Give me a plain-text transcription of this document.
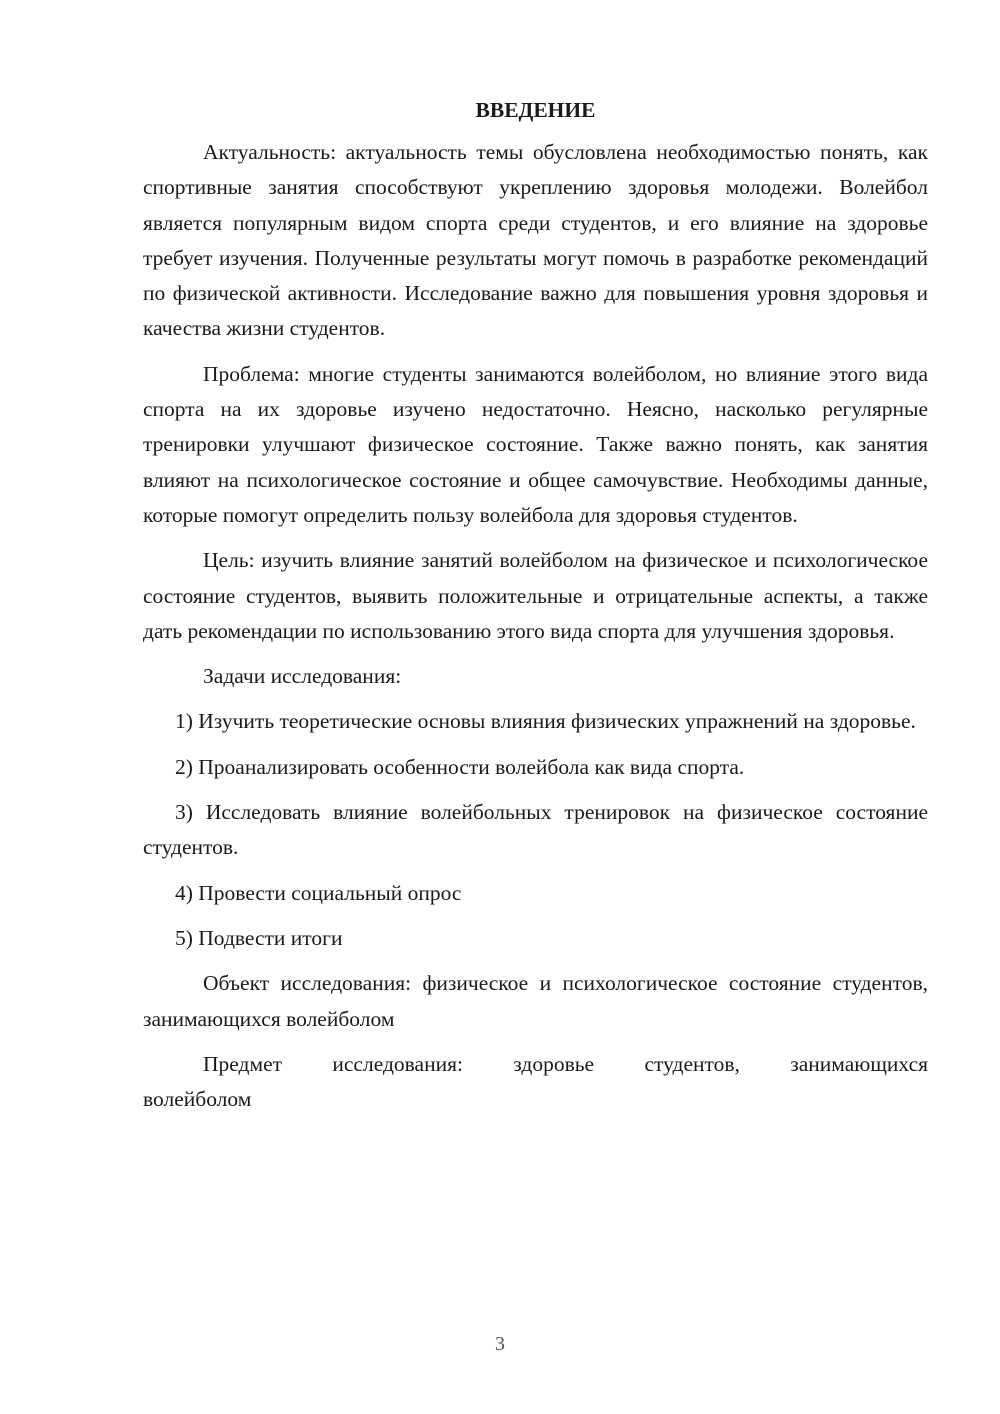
ВВЕДЕНИЕ

Актуальность: актуальность темы обусловлена необходимостью понять, как спортивные занятия способствуют укреплению здоровья молодежи. Волейбол является популярным видом спорта среди студентов, и его влияние на здоровье требует изучения. Полученные результаты могут помочь в разработке рекомендаций по физической активности. Исследование важно для повышения уровня здоровья и качества жизни студентов.

Проблема: многие студенты занимаются волейболом, но влияние этого вида спорта на их здоровье изучено недостаточно. Неясно, насколько регулярные тренировки улучшают физическое состояние. Также важно понять, как занятия влияют на психологическое состояние и общее самочувствие. Необходимы данные, которые помогут определить пользу волейбола для здоровья студентов.

Цель: изучить влияние занятий волейболом на физическое и психологическое состояние студентов, выявить положительные и отрицательные аспекты, а также дать рекомендации по использованию этого вида спорта для улучшения здоровья.

Задачи исследования:

1) Изучить теоретические основы влияния физических упражнений на здоровье.

2) Проанализировать особенности волейбола как вида спорта.

3) Исследовать влияние волейбольных тренировок на физическое состояние студентов.

4) Провести социальный опрос

5) Подвести итоги

Объект исследования: физическое и психологическое состояние студентов, занимающихся волейболом

Предмет исследования: здоровье студентов, занимающихся

волейболом

3
